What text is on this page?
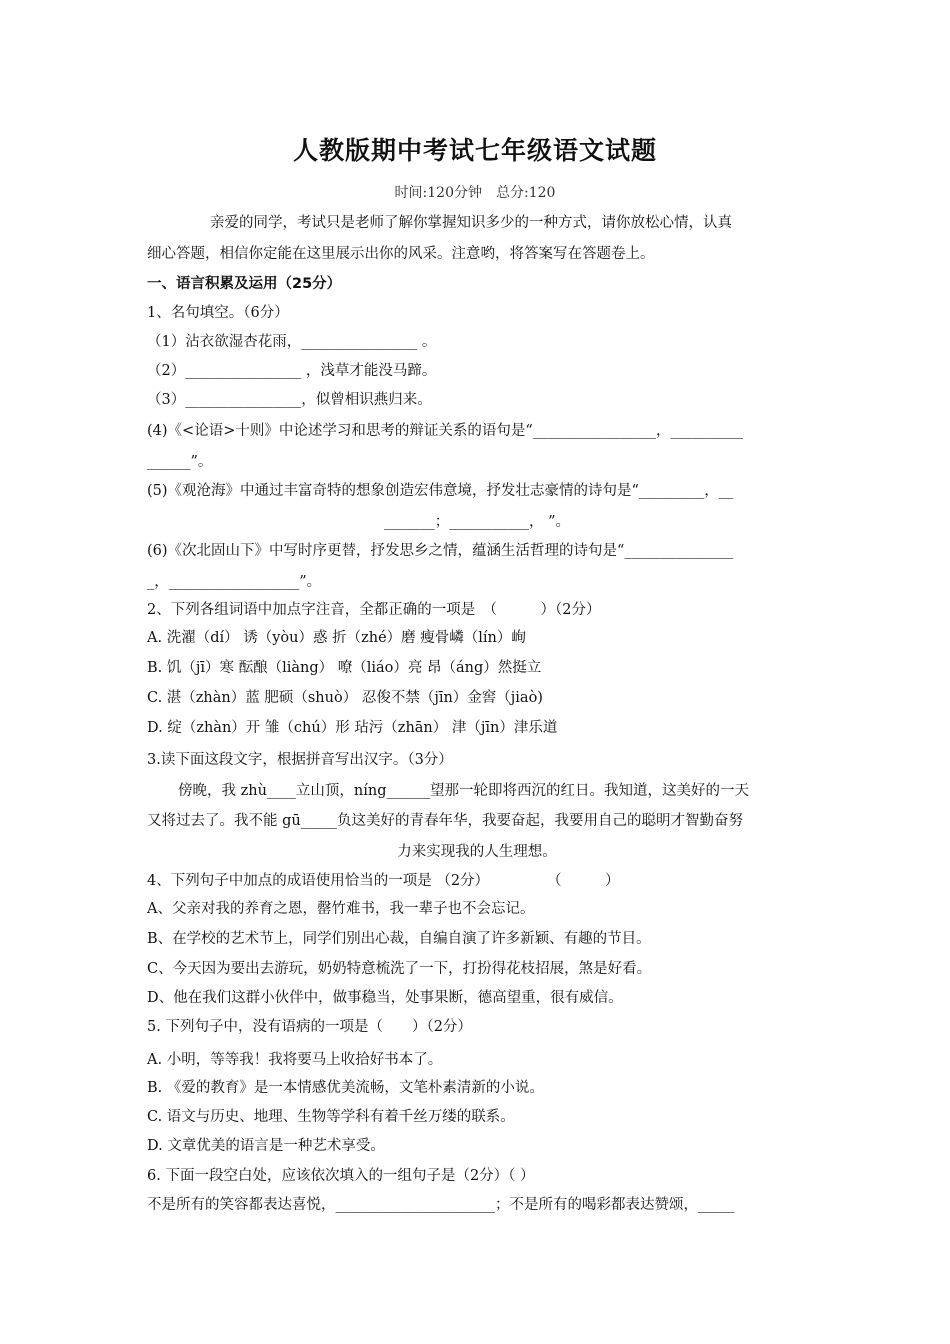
人教版期中考试七年级语文试题
时间:120分钟　总分:120
亲爱的同学，考试只是老师了解你掌握知识多少的一种方式，请你放松心情，认真
细心答题，相信你定能在这里展示出你的风采。注意哟，将答案写在答题卷上。
一、语言积累及运用（25分）
1、名句填空。（6分）
（1）沾衣欲湿杏花雨，________________ 。
（2）________________ ，浅草才能没马蹄。
（3）________________，似曾相识燕归来。
(4)《<论语>十则》中论述学习和思考的辩证关系的语句是“_________________，__________
______”。
(5)《观沧海》中通过丰富奇特的想象创造宏伟意境，抒发壮志豪情的诗句是“_________，__
_______；___________， ”。
(6)《次北固山下》中写时序更替，抒发思乡之情，蕴涵生活哲理的诗句是“_______________
_，__________________”。
2、下列各组词语中加点字注音，全都正确的一项是　（　　　）（2分）
A. 洗濯（dí） 诱（yòu）惑 折（zhé）磨 瘦骨嶙（lín）峋
B. 饥（jī）寒 酝酿（liàng） 嘹（liáo）亮 昂（áng）然挺立
C. 湛（zhàn）蓝 肥硕（shuò） 忍俊不禁（jīn）金窖（jiaò)
D. 绽（zhàn）开 雏（chú）形 玷污（zhān） 津（jīn）津乐道
3.读下面这段文字，根据拼音写出汉字。（3分）
傍晚，我 zhù____立山顶，níng______望那一轮即将西沉的红日。我知道，这美好的一天
又将过去了。我不能 gū_____负这美好的青春年华，我要奋起，我要用自己的聪明才智勤奋努
力来实现我的人生理想。
4、下列句子中加点的成语使用恰当的一项是 （2分）　　　　　（　　　）
A、父亲对我的养育之恩，罄竹难书，我一辈子也不会忘记。
B、在学校的艺术节上，同学们别出心裁，自编自演了许多新颖、有趣的节目。
C、今天因为要出去游玩，奶奶特意梳洗了一下，打扮得花枝招展，煞是好看。
D、他在我们这群小伙伴中，做事稳当，处事果断，德高望重，很有威信。
5. 下列句子中，没有语病的一项是（　　）（2分）
A. 小明，等等我！我将要马上收拾好书本了。
B. 《爱的教育》是一本情感优美流畅，文笔朴素清新的小说。
C. 语文与历史、地理、生物等学科有着千丝万缕的联系。
D. 文章优美的语言是一种艺术享受。
6. 下面一段空白处，应该依次填入的一组句子是（2分）（ ）
不是所有的笑容都表达喜悦，______________________；不是所有的喝彩都表达赞颂，_____
